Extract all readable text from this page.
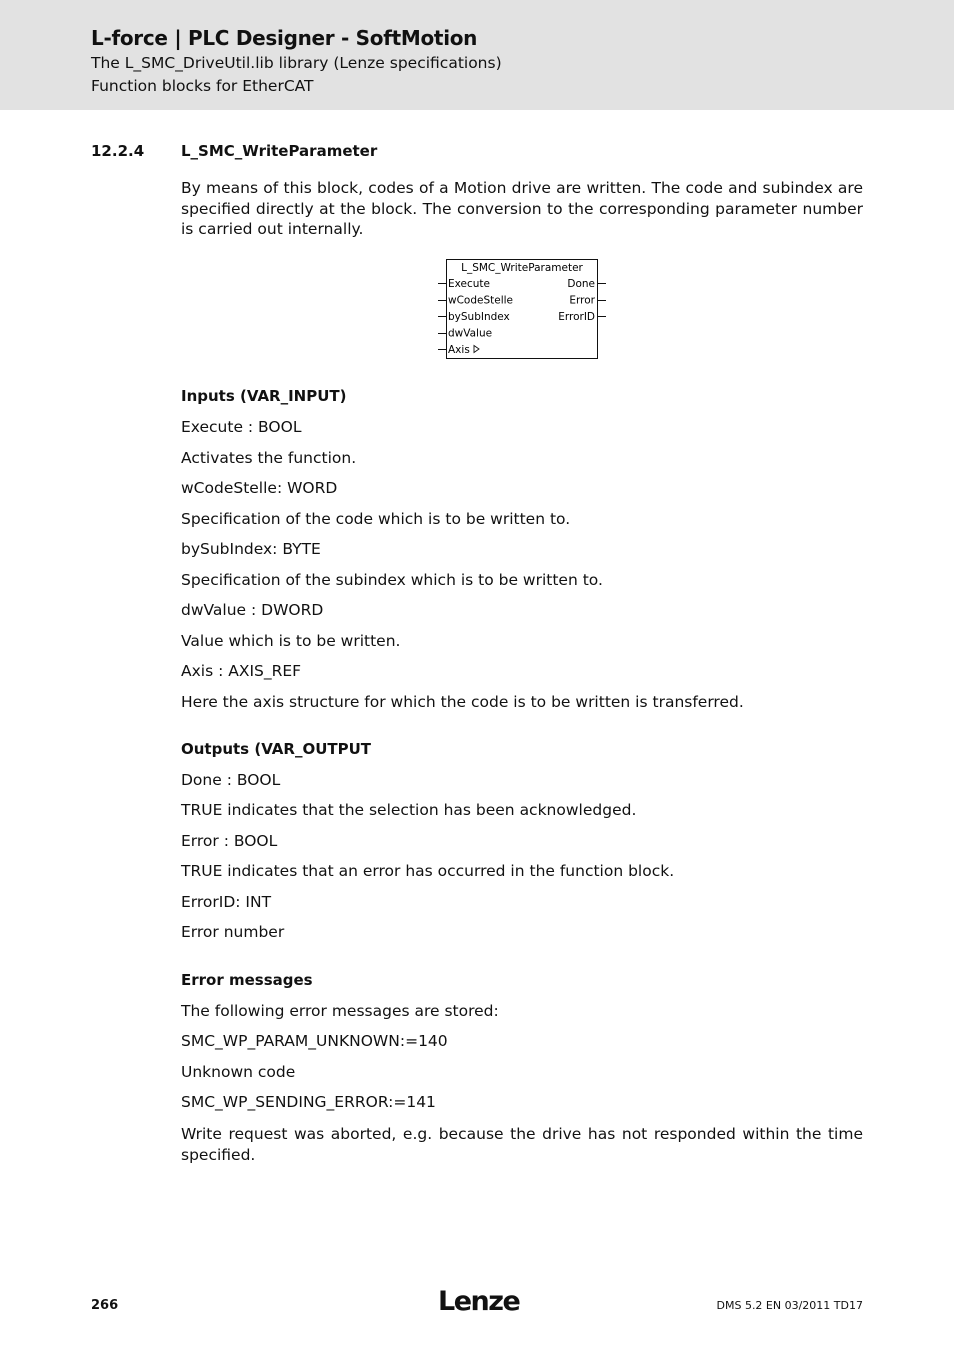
L-force | PLC Designer - SoftMotion
The L_SMC_DriveUtil.lib library (Lenze specifications)
Function blocks for EtherCAT
12.2.4 L_SMC_WriteParameter

By means of this block, codes of a Motion drive are written. The code and subindex are specified directly at the block. The conversion to the corresponding parameter number is carried out internally.

L_SMC_WriteParameter
Execute
wCodeStelle
bySubIndex
dwValue
Axis
Done
Error
ErrorID
Inputs (VAR_INPUT)
Execute : BOOL
Activates the function.
wCodeStelle: WORD
Specification of the code which is to be written to.
bySubIndex: BYTE
Specification of the subindex which is to be written to.
dwValue : DWORD
Value which is to be written.
Axis : AXIS_REF
Here the axis structure for which the code is to be written is transferred.
Outputs (VAR_OUTPUT
Done : BOOL
TRUE indicates that the selection has been acknowledged.
Error : BOOL
TRUE indicates that an error has occurred in the function block.
ErrorID: INT
Error number
Error messages
The following error messages are stored:
SMC_WP_PARAM_UNKNOWN:=140
Unknown code
SMC_WP_SENDING_ERROR:=141

Write request was aborted, e.g. because the drive has not responded within the time specified.

266	Lenze	DMS 5.2 EN 03/2011 TD17
